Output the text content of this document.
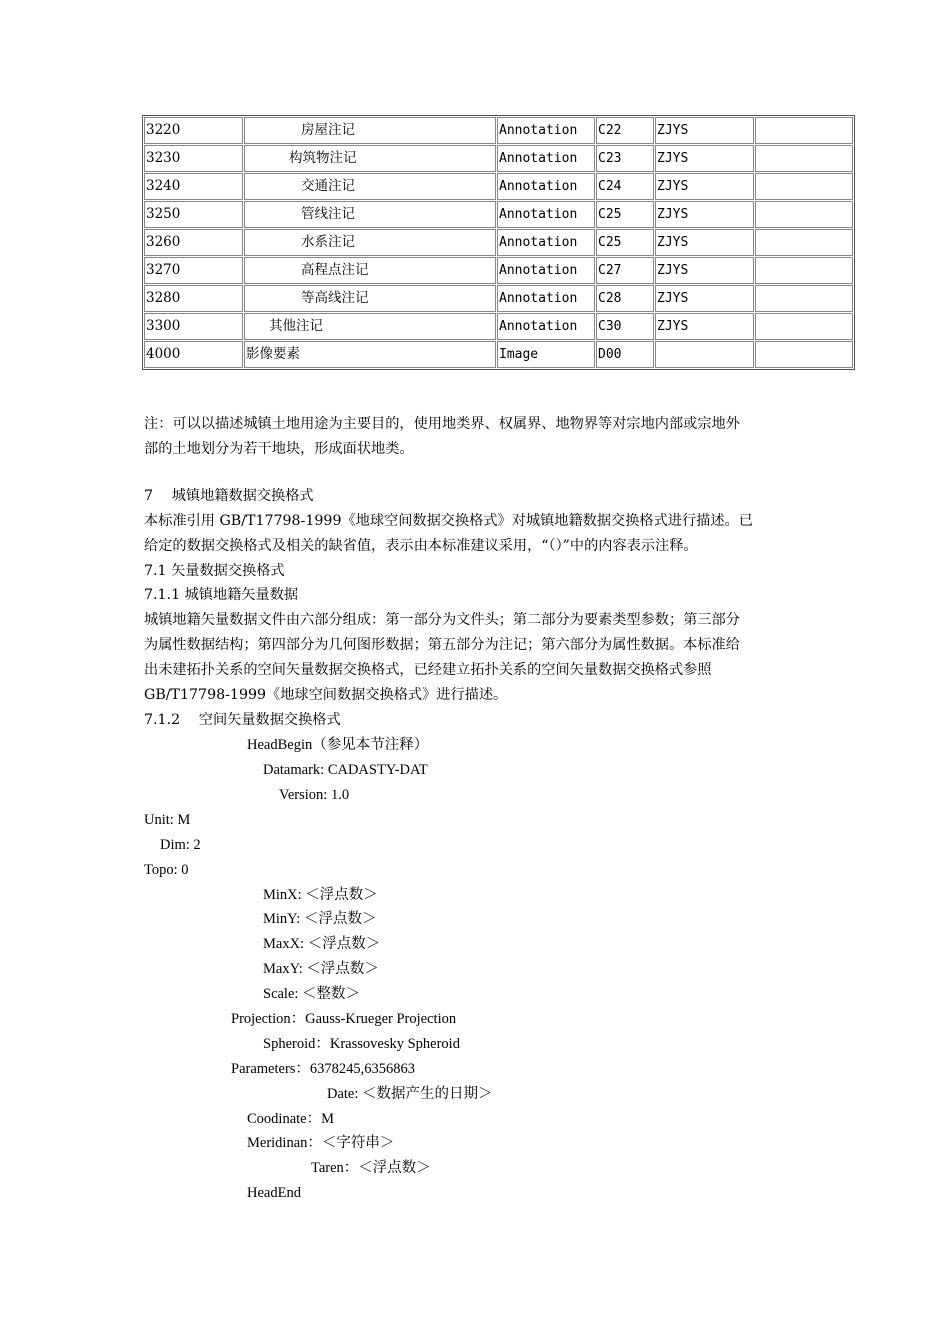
3220	房屋注记	Annotation	C22	ZJYS	
3230	构筑物注记	Annotation	C23	ZJYS	
3240	交通注记	Annotation	C24	ZJYS	
3250	管线注记	Annotation	C25	ZJYS	
3260	水系注记	Annotation	C25	ZJYS	
3270	高程点注记	Annotation	C27	ZJYS	
3280	等高线注记	Annotation	C28	ZJYS	
3300	其他注记	Annotation	C30	ZJYS	
4000	影像要素	Image	D00		

注：可以以描述城镇土地用途为主要目的，使用地类界、权属界、地物界等对宗地内部或宗地外

部的土地划分为若干地块，形成面状地类。

7　 城镇地籍数据交换格式

本标准引用 GB/T17798-1999《地球空间数据交换格式》对城镇地籍数据交换格式进行描述。已

给定的数据交换格式及相关的缺省值，表示由本标准建议采用，“（）”中的内容表示注释。

7.1 矢量数据交换格式

7.1.1 城镇地籍矢量数据

城镇地籍矢量数据文件由六部分组成：第一部分为文件头；第二部分为要素类型参数；第三部分

为属性数据结构；第四部分为几何图形数据；第五部分为注记；第六部分为属性数据。本标准给

出未建拓扑关系的空间矢量数据交换格式，已经建立拓扑关系的空间矢量数据交换格式参照

GB/T17798-1999《地球空间数据交换格式》进行描述。

7.1.2　 空间矢量数据交换格式

HeadBegin（参见本节注释）

Datamark: CADASTY-DAT

Version: 1.0

Unit: M

Dim: 2

Topo: 0

MinX: ＜浮点数＞

MinY: ＜浮点数＞

MaxX: ＜浮点数＞

MaxY: ＜浮点数＞

Scale: ＜整数＞

Projection：Gauss-Krueger Projection

Spheroid：Krassovesky Spheroid

Parameters：6378245,6356863

Date: ＜数据产生的日期＞

Coodinate：M

Meridinan：＜字符串＞

Taren：＜浮点数＞

HeadEnd
